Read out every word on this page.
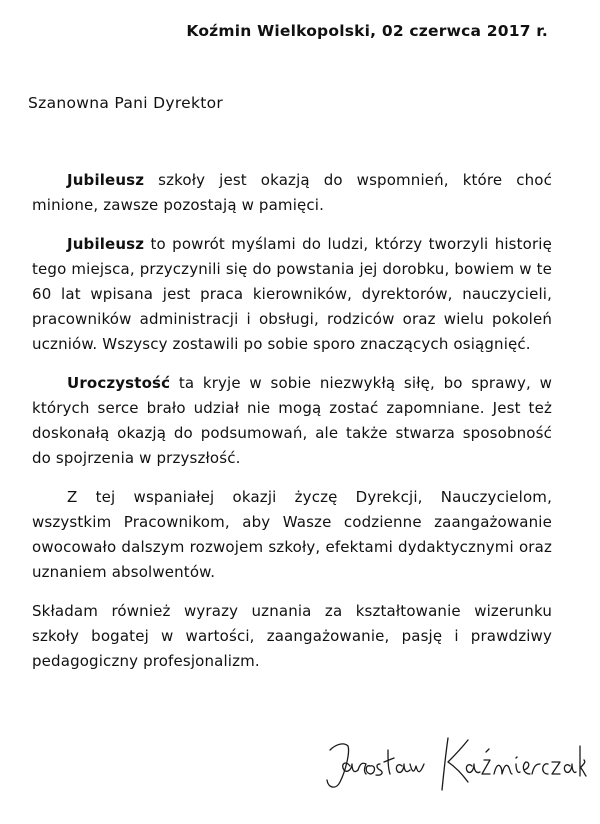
Koźmin Wielkopolski, 02 czerwca 2017 r.
Szanowna Pani Dyrektor

Jubileusz szkoły jest okazją do wspomnień, które choć minione, zawsze pozostają w pamięci.

Jubileusz to powrót myślami do ludzi, którzy tworzyli historię tego miejsca, przyczynili się do powstania jej dorobku, bowiem w te 60 lat wpisana jest praca kierowników, dyrektorów, nauczycieli, pracowników administracji i obsługi, rodziców oraz wielu pokoleń uczniów. Wszyscy zostawili po sobie sporo znaczących osiągnięć.

Uroczystość ta kryje w sobie niezwykłą siłę, bo sprawy, w których serce brało udział nie mogą zostać zapomniane. Jest też doskonałą okazją do podsumowań, ale także stwarza sposobność do spojrzenia w przyszłość.

Z tej wspaniałej okazji życzę Dyrekcji, Nauczycielom, wszystkim Pracownikom, aby Wasze codzienne zaangażowanie owocowało dalszym rozwojem szkoły, efektami dydaktycznymi oraz uznaniem absolwentów.

Składam również wyrazy uznania za kształtowanie wizerunku szkoły bogatej w wartości, zaangażowanie, pasję i prawdziwy pedagogiczny profesjonalizm.
